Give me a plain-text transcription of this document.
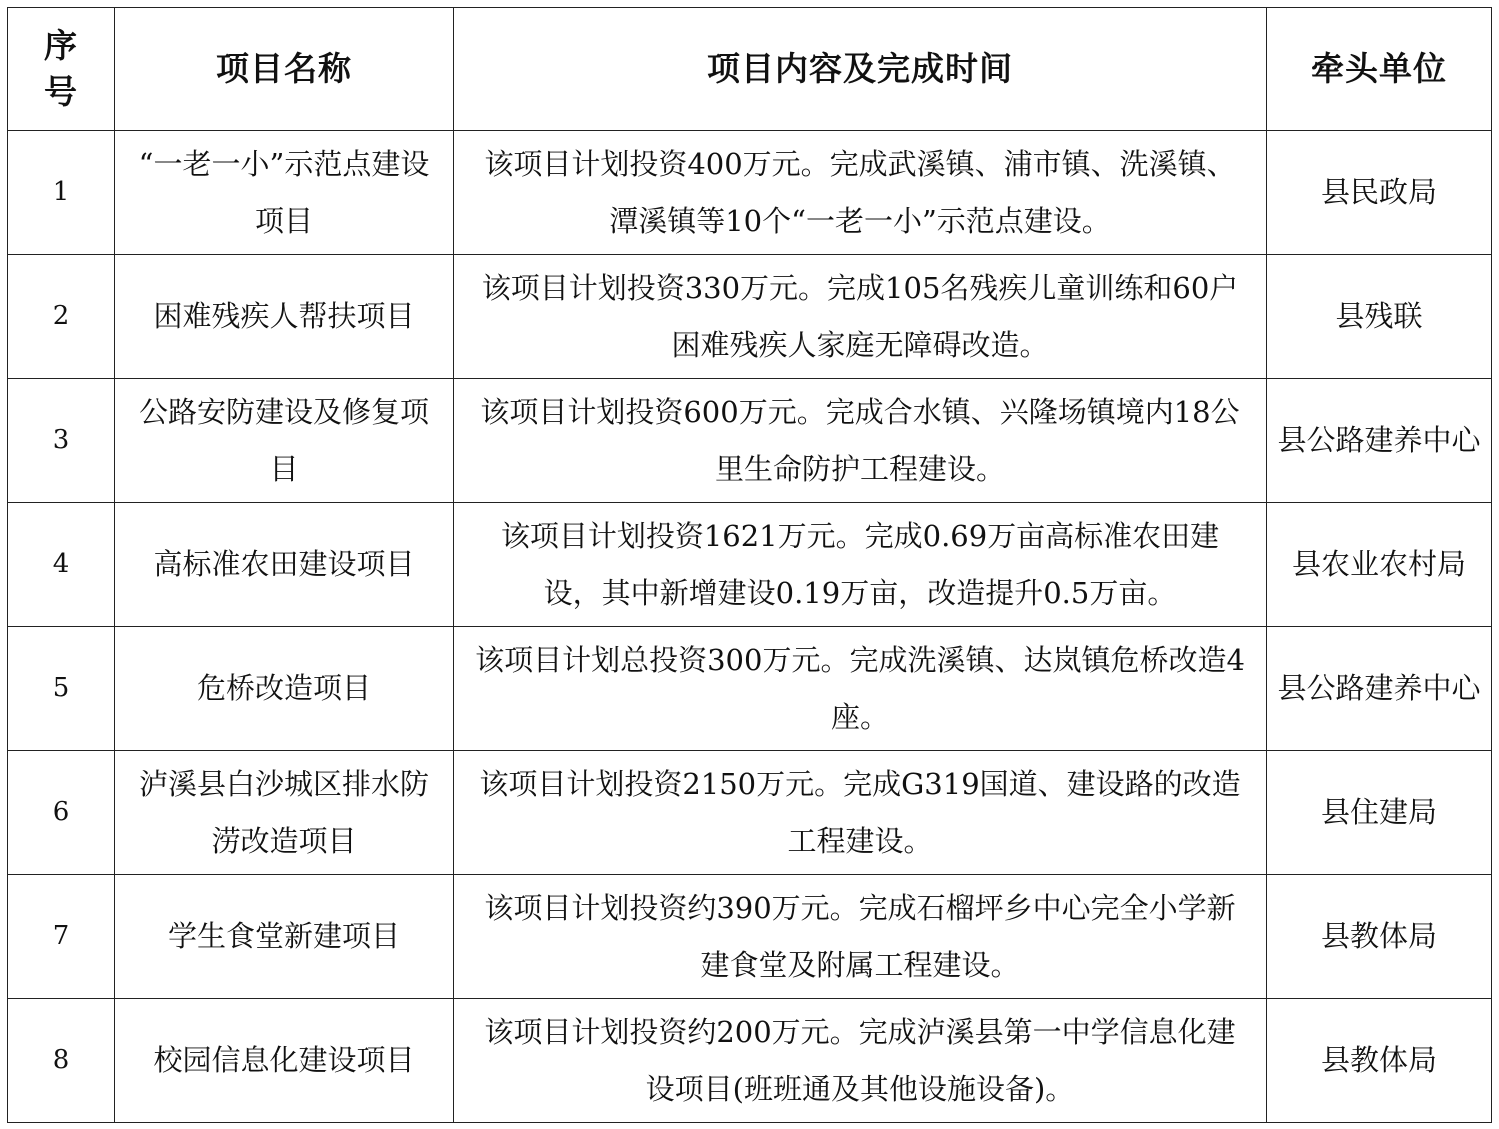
序号	项目名称	项目内容及完成时间	牵头单位
1	“一老一小”示范点建设项目	该项目计划投资400万元。完成武溪镇、浦市镇、洗溪镇、潭溪镇等10个“一老一小”示范点建设。	县民政局
2	困难残疾人帮扶项目	该项目计划投资330万元。完成105名残疾儿童训练和60户困难残疾人家庭无障碍改造。	县残联
3	公路安防建设及修复项目	该项目计划投资600万元。完成合水镇、兴隆场镇境内18公里生命防护工程建设。	县公路建养中心
4	高标准农田建设项目	该项目计划投资1621万元。完成0.69万亩高标准农田建设，其中新增建设0.19万亩，改造提升0.5万亩。	县农业农村局
5	危桥改造项目	该项目计划总投资300万元。完成洗溪镇、达岚镇危桥改造4座。	县公路建养中心
6	泸溪县白沙城区排水防涝改造项目	该项目计划投资2150万元。完成G319国道、建设路的改造工程建设。	县住建局
7	学生食堂新建项目	该项目计划投资约390万元。完成石榴坪乡中心完全小学新建食堂及附属工程建设。	县教体局
8	校园信息化建设项目	该项目计划投资约200万元。完成泸溪县第一中学信息化建设项目(班班通及其他设施设备)。	县教体局
